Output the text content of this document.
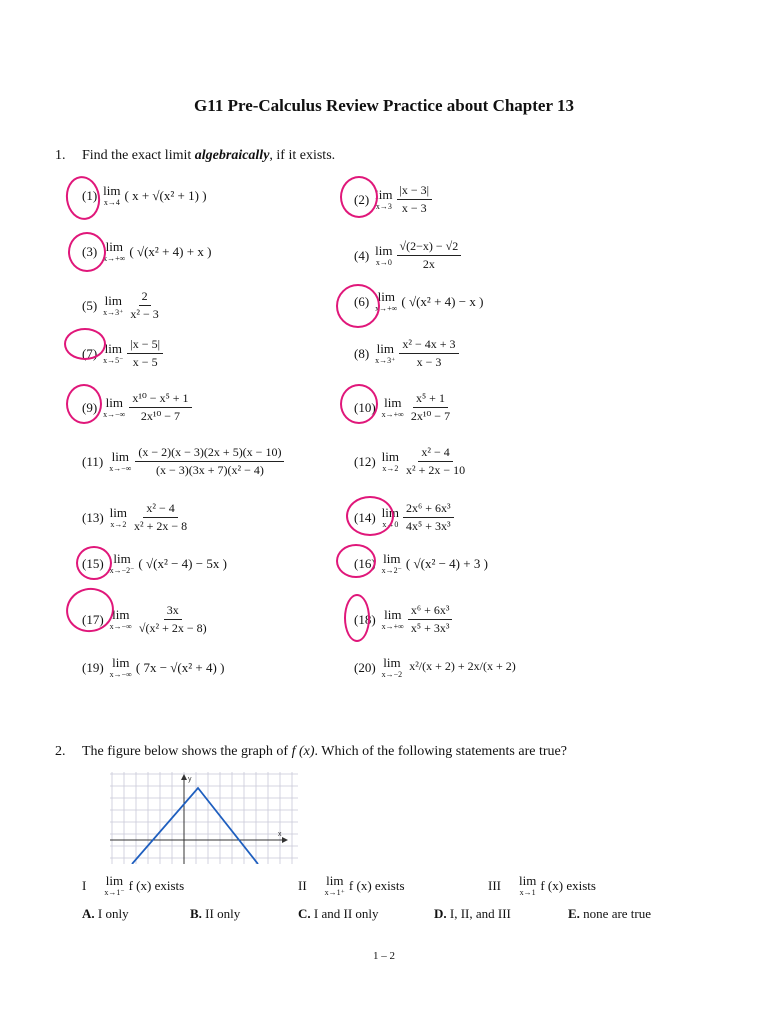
G11 Pre-Calculus Review Practice about Chapter 13
1. Find the exact limit algebraically, if it exists.
(1) lim
x→4 ( x + √(x² + 1) )	(2) lim
$x\to 3 \frac{|x - 3|}{x - 3}$
(3) lim
x→+∞ ( √(x² + 4) + x )	(4) lim
$x\to 0 \frac{√(2-x) - √2}{2x}$
(5) lim
$x\to 3^+ \frac{2}{\text{x² − 3}}$	(6) lim
x→+∞ ( √(x² + 4) − x )
(7) lim
$x\to 5^- \frac{|x - 5|}{x - 5}$	(8) lim
$x\to 3^+ \frac{\text{x² − 4x + 3}}{x - 3}$
(9) lim
$x\to-\infty \frac{\text{x¹⁰ − x⁵ + 1}}{\text{2x¹⁰ − 7}}$	(10) lim
$x\to+\infty \frac{\text{x⁵ + 1}}{\text{2x¹⁰ − 7}}$
(11) lim
$x\to-\infty \frac{(x - 2)(x - 3)(2x + 5)(x - 10)}{\text{(x − 3)(3x + 7)(x² − 4)}}$	(12) lim
$x\to 2 \frac{\text{x² − 4}}{\text{x² + 2x − 10}}$
(13) lim
$x\to 2 \frac{\text{x² − 4}}{\text{x² + 2x − 8}}$	(14) lim
$x\to 0 \frac{\text{2x⁶ + 6x³}}{\text{4x⁵ + 3x³}}$
(15) lim
x→−2⁻ ( √(x² − 4) − 5x )	(16) lim
x→2⁻ ( √(x² − 4) + 3 )
(17) lim
$x\to-\infty \frac{3x}{\text{√(x² + 2x − 8)}}$	(18) lim
$x\to+\infty \frac{\text{x⁶ + 6x³}}{\text{x⁵ + 3x³}}$
(19) lim
x→−∞ ( 7x − √(x² + 4) )	(20) lim
x→−2
x²/(x + 2) + 2x/(x + 2)
2. The figure below shows the graph of f (x). Which of the following statements are true?
y
x
I lim
x→1⁻ f (x) exists	II lim
x→1⁺ f (x) exists	III lim
x→1 f (x) exists
A. I only	B. II only	C. I and II only	D. I, II, and III	E. none are true
1 – 2
